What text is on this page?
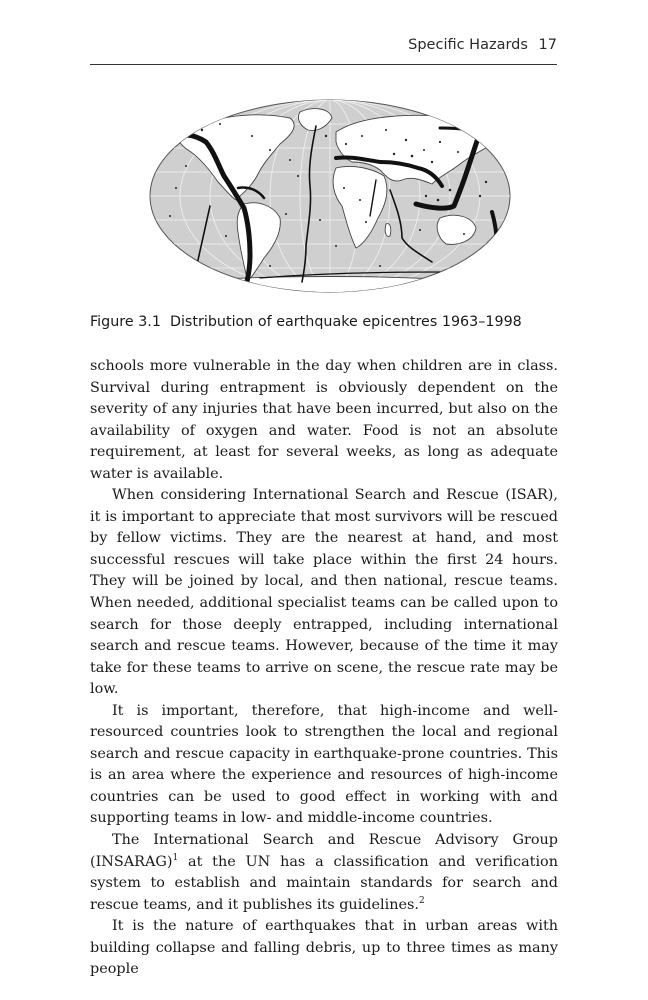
Specific Hazards 17
Figure 3.1 Distribution of earthquake epicentres 1963–1998

schools more vulnerable in the day when children are in class. Survival during entrapment is obviously dependent on the severity of any injuries that have been incurred, but also on the availability of oxygen and water. Food is not an absolute requirement, at least for several weeks, as long as adequate water is available.

When considering International Search and Rescue (ISAR), it is important to appreciate that most survivors will be rescued by fellow victims. They are the nearest at hand, and most successful rescues will take place within the first 24 hours. They will be joined by local, and then national, rescue teams. When needed, additional specialist teams can be called upon to search for those deeply entrapped, including international search and rescue teams. However, because of the time it may take for these teams to arrive on scene, the rescue rate may be low.

It is important, therefore, that high-income and well-resourced countries look to strengthen the local and regional search and rescue capacity in earthquake-prone countries. This is an area where the experience and resources of high-income countries can be used to good effect in working with and supporting teams in low- and middle-income countries.

The International Search and Rescue Advisory Group (INSARAG)$^1$ at the UN has a classification and verification system to establish and maintain standards for search and rescue teams, and it publishes its guidelines.$^2$

It is the nature of earthquakes that in urban areas with building collapse and falling debris, up to three times as many people
